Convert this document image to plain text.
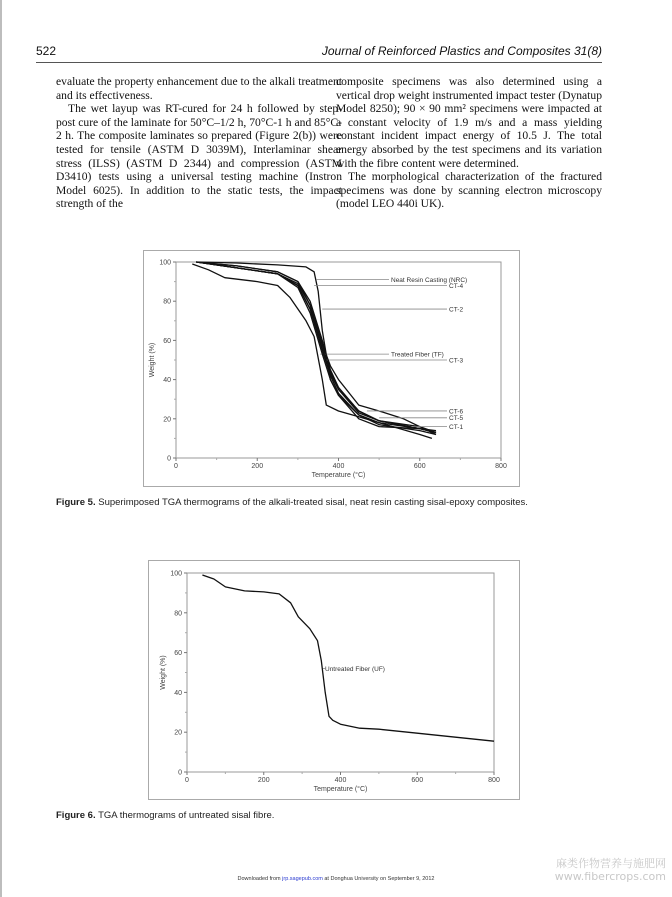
522	Journal of Reinforced Plastics and Composites 31(8)

evaluate the property enhancement due to the alkali treatment and its effectiveness.

The wet layup was RT-cured for 24 h followed by step-post cure of the laminate for 50°C–1/2 h, 70°C-1 h and 85°C-2 h. The composite laminates so prepared (Figure 2(b)) were tested for tensile (ASTM D 3039M), Interlaminar shear stress (ILSS) (ASTM D 2344) and compression (ASTM D3410) tests using a universal testing machine (Instron Model 6025). In addition to the static tests, the impact strength of the

composite specimens was also determined using a vertical drop weight instrumented impact tester (Dynatup Model 8250); 90 × 90 mm² specimens were impacted at a constant velocity of 1.9 m/s and a mass yielding constant incident impact energy of 10.5 J. The total energy absorbed by the test specimens and its variation with the fibre content were determined.

The morphological characterization of the fractured specimens was done by scanning electron microscopy (model LEO 440i UK).

0
20
40
60
80
100
0	200	400	600	800
Temperature (°C)
Weight (%)
Neat Resin Casting (NRC)
CT-4
CT-2
Treated Fiber (TF)
CT-3
CT-6
CT-5
CT-1
Figure 5. Superimposed TGA thermograms of the alkali-treated sisal, neat resin casting sisal-epoxy composites.
0
20
40
60
80
100
0	200	400	600	800
Temperature (°C)
Weight (%)	Untreated Fiber (UF)
Figure 6. TGA thermograms of untreated sisal fibre.
Downloaded from jrp.sagepub.com at Donghua University on September 9, 2012
麻类作物营养与施肥网
www.fibercrops.com
